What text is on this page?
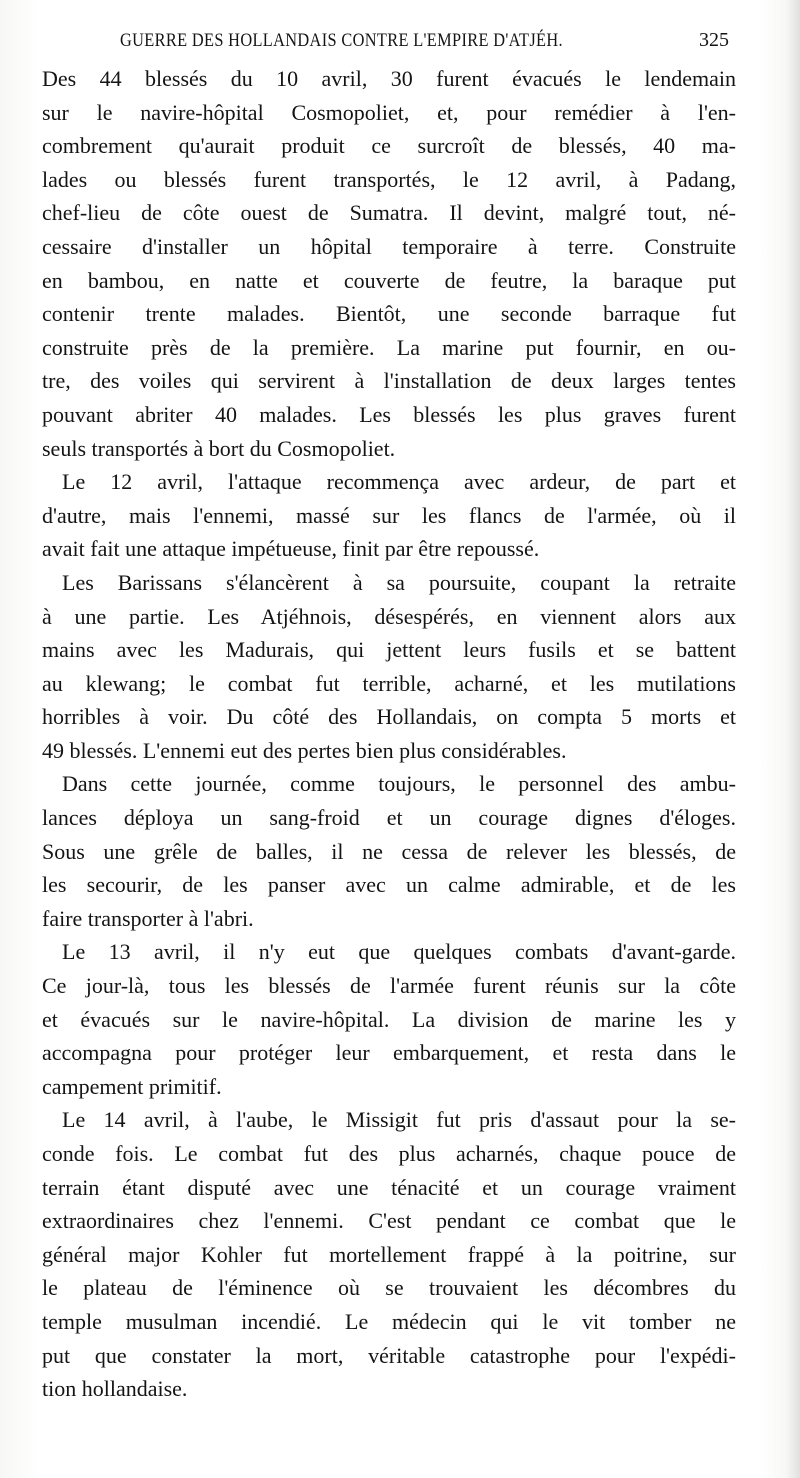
GUERRE DES HOLLANDAIS CONTRE L'EMPIRE D'ATJÉH.	325

Des 44 blessés du 10 avril, 30 furent évacués le lendemain
sur le navire-hôpital Cosmopoliet, et, pour remédier à l'en-
combrement qu'aurait produit ce surcroît de blessés, 40 ma-
lades ou blessés furent transportés, le 12 avril, à Padang,
chef-lieu de côte ouest de Sumatra. Il devint, malgré tout, né-
cessaire d'installer un hôpital temporaire à terre. Construite
en bambou, en natte et couverte de feutre, la baraque put
contenir trente malades. Bientôt, une seconde barraque fut
construite près de la première. La marine put fournir, en ou-
tre, des voiles qui servirent à l'installation de deux larges tentes
pouvant abriter 40 malades. Les blessés les plus graves furent
seuls transportés à bort du Cosmopoliet.

Le 12 avril, l'attaque recommença avec ardeur, de part et
d'autre, mais l'ennemi, massé sur les flancs de l'armée, où il
avait fait une attaque impétueuse, finit par être repoussé.

Les Barissans s'élancèrent à sa poursuite, coupant la retraite
à une partie. Les Atjéhnois, désespérés, en viennent alors aux
mains avec les Madurais, qui jettent leurs fusils et se battent
au klewang; le combat fut terrible, acharné, et les mutilations
horribles à voir. Du côté des Hollandais, on compta 5 morts et
49 blessés. L'ennemi eut des pertes bien plus considérables.

Dans cette journée, comme toujours, le personnel des ambu-
lances déploya un sang-froid et un courage dignes d'éloges.
Sous une grêle de balles, il ne cessa de relever les blessés, de
les secourir, de les panser avec un calme admirable, et de les
faire transporter à l'abri.

Le 13 avril, il n'y eut que quelques combats d'avant-garde.
Ce jour-là, tous les blessés de l'armée furent réunis sur la côte
et évacués sur le navire-hôpital. La division de marine les y
accompagna pour protéger leur embarquement, et resta dans le
campement primitif.

Le 14 avril, à l'aube, le Missigit fut pris d'assaut pour la se-
conde fois. Le combat fut des plus acharnés, chaque pouce de
terrain étant disputé avec une ténacité et un courage vraiment
extraordinaires chez l'ennemi. C'est pendant ce combat que le
général major Kohler fut mortellement frappé à la poitrine, sur
le plateau de l'éminence où se trouvaient les décombres du
temple musulman incendié. Le médecin qui le vit tomber ne
put que constater la mort, véritable catastrophe pour l'expédi-
tion hollandaise.
